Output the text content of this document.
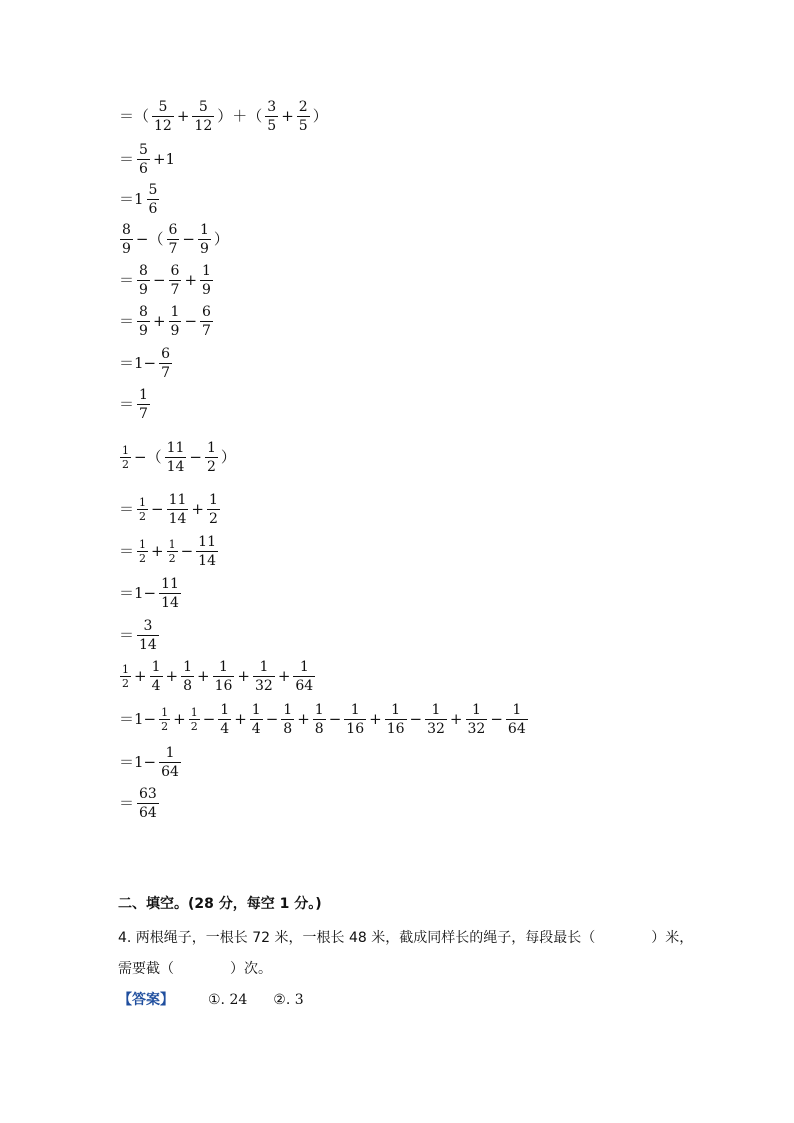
＝（ $\frac{5}{12} + \frac{5}{12}$ ）＋（ $\frac{3}{5} + \frac{2}{5}$ ）
＝ $\frac{5}{6} +1$
$=1 \frac{5}{6}$
$\frac{8}{9}$ −（ $\frac{6}{7} - \frac{1}{9}$ ）
＝ $\frac{8}{9} - \frac{6}{7} + \frac{1}{9}$
＝ $\frac{8}{9} + \frac{1}{9} - \frac{6}{7}$
$=1- \frac{6}{7}$
＝ $\frac{1}{7}$
$\frac{1}{2}$ −（ $\frac{11}{14} - \frac{1}{2}$ ）
＝ $\frac{1}{2} - \frac{11}{14} + \frac{1}{2}$
＝ $\frac{1}{2} + \frac{1}{2} - \frac{11}{14}$
$=1- \frac{11}{14}$
＝ $\frac{3}{14}$
$\frac{1}{2} + \frac{1}{4} + \frac{1}{8} + \frac{1}{16} + \frac{1}{32} + \frac{1}{64}$
$=1- \frac{1}{2} + \frac{1}{2} - \frac{1}{4} + \frac{1}{4} - \frac{1}{8} + \frac{1}{8} - \frac{1}{16} + \frac{1}{16} - \frac{1}{32} + \frac{1}{32} - \frac{1}{64}$
$=1- \frac{1}{64}$
＝ $\frac{63}{64}$
二、填空。(28 分，每空 1 分。)
4. 两根绳子，一根长 72 米，一根长 48 米，截成同样长的绳子，每段最长（　　　　）米，
需要截（　　　　）次。
【答案】 ①. 24 ②. 3
